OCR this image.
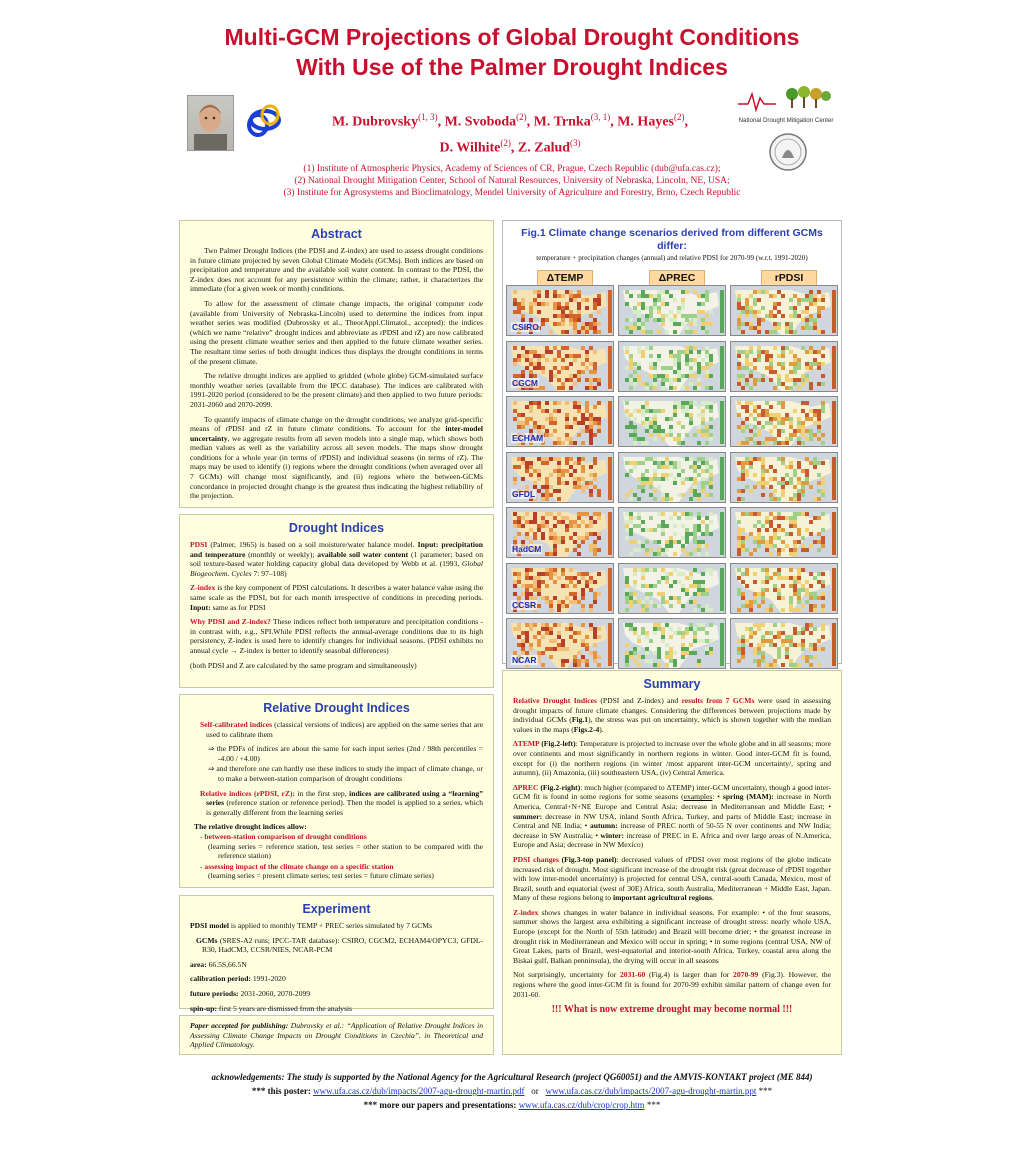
Multi-GCM Projections of Global Drought Conditions
With Use of the Palmer Drought Indices
M. Dubrovsky$^{(1, 3)}$, M. Svoboda$^{(2)}$, M. Trnka$^{(3, 1)}$, M. Hayes$^{(2)}$,
D. Wilhite$^{(2)}$, Z. Zalud$^{(3)}$
National Drought Mitigation Center
(1) Institute of Atmospheric Physics, Academy of Sciences of CR, Prague, Czech Republic (dub@ufa.cas.cz);
(2) National Drought Mitigation Center, School of Natural Resources, University of Nebraska, Lincoln, NE, USA;
(3) Institute for Agrosystems and Bioclimatology, Mendel University of Agriculture and Forestry, Brno, Czech Republic
Abstract

Two Palmer Drought Indices (the PDSI and Z-index) are used to assess drought conditions in future climate projected by seven Global Climate Models (GCMs). Both indices are based on precipitation and temperature and the available soil water content. In contrast to the PDSI, the Z-index does not account for any persistence within the climate; rather, it characterizes the immediate (for a given week or month) conditions.

To allow for the assessment of climate change impacts, the original computer code (available from University of Nebraska-Lincoln) used to determine the indices from input weather series was modified (Dubrovsky et al., TheorAppl.Climatol., accepted): the indices (which we name “relative” drought indices and abbreviate as rPDSI and rZ) are now calibrated using the present climate weather series and then applied to the future climate weather series. The resultant time series of both drought indices thus displays the drought conditions in terms of the present climate.

The relative drought indices are applied to gridded (whole globe) GCM-simulated surface monthly weather series (available from the IPCC database). The indices are calibrated with 1991-2020 period (considered to be the present climate) and then applied to two future periods: 2031-2060 and 2070-2099.

To quantify impacts of climate change on the drought conditions, we analyze grid-specific means of rPDSI and rZ in future climate conditions. To account for the inter-model uncertainty, we aggregate results from all seven models into a single map, which shows both median values as well as the variability across all seven models. The maps show drought conditions for a whole year (in terms of rPDSI) and individual seasons (in terms of rZ). The maps may be used to identify (i) regions where the drought conditions (when averaged over all 7 GCMs) will change most significantly, and (ii) regions where the between-GCMs concordance in projected drought change is the greatest thus indicating the highest reliability of the projection.

Drought Indices

PDSI (Palmer, 1965) is based on a soil moisture/water balance model. Input: precipitation and temperature (monthly or weekly); available soil water content (1 parameter; based on soil texture-based water holding capacity global data developed by Webb et al. (1993, Global Biogeochem. Cycles 7: 97–108)

Z-index is the key component of PDSI calculations. It describes a water balance value using the same scale as the PDSI, but for each month irrespective of conditions in preceding periods. Input: same as for PDSI

Why PDSI and Z-index? These indices reflect both temperature and precipitation conditions - in contrast with, e.g., SPI.While PDSI reflects the annual-average conditions due to its high persistency, Z-index is used here to identify changes for individual seasons. (PDSI exhibits no annual cycle → Z-index is better to identify seasobal differences)

(both PDSI and Z are calculated by the same program and simultaneously)

Relative Drought Indices

Self-calibrated indices (classical versions of indices) are applied on the same series that are used to calibrate them

⇒ the PDFs of indices are about the same for each input series (2nd / 98th percentiles = -4.00 / +4.00)

⇒ and therefore one can hardly use these indices to study the impact of climate change, or to make a between-station comparison of drought conditions

Relative indices (rPDSI, rZ): in the first step, indices are calibrated using a “learning” series (reference station or reference period). Then the model is applied to a series, which is generally different from the learning series

The relative drought indices allow:

- between-station comparison of drought conditions

(learning series = reference station, test series = other station to be compared with the reference station)

- assessing impact of the climate change on a specific station

(learning series = present climate series; test series = future climate series)

Experiment

PDSI model is applied to monthly TEMP + PREC series simulated by 7 GCMs

GCMs (SRES-A2 runs; IPCC-TAR database): CSIRO, CGCM2, ECHAM4/OPYC3, GFDL-R30, HadCM3, CCSR/NIES, NCAR-PCM

area: 66.5S,66.5N

calibration period: 1991-2020

future periods: 2031-2060, 2070-2099

spin-up: first 5 years are dismissed from the analysis

Paper accepted for publishing: Dubrovsky et al.: “Application of Relative Drought Indices in Assessing Climate Change Impacts on Drought Conditions in Czechia”. in Theoretical and Applied Climatology.

Fig.1 Climate change scenarios derived from different GCMs differ:
temperature + precipitation changes (annual) and relative PDSI for 2070-99 (w.r.t. 1991-2020)
ΔTEMP	ΔPREC	rPDSI
CSIRO
CGCM
ECHAM
GFDL
HadCM
CCSR
NCAR
Summary

Relative Drought Indices (PDSI and Z-index) and results from 7 GCMs were used in assessing drought impacts of future climate changes. Considering the differences between projections made by individual GCMs (Fig.1), the stress was put on uncertainty, which is shown together with the median values in the maps (Figs.2-4).

ΔTEMP (Fig.2-left): Temperature is projected to increase over the whole globe and in all seasons; more over continents and most significantly in northern regions in winter. Good inter-GCM fit is found, except for (i) the northern regions (in winter /most apparent inter-GCM uncertainty/, spring and autumn), (ii) Amazonia, (iii) southeastern USA, (iv) Central America.

ΔPREC (Fig.2-right): much higher (compared to ΔTEMP) inter-GCM uncertainty, though a good inter-GCM fit is found in some regions for some seasons (examples: • spring (MAM): increase in North America, Central+N+NE Europe and Central Asia; decrease in Mediterranean and Middle East; • summer: decrease in NW USA, inland South Africa, Turkey, and parts of Middle East; increase in Central and NE India; • autumn: increase of PREC north of 50-55 N over continents and NW India; decrease in SW Australia; • winter: increase of PREC in E. Africa and over large areas of N.America, Europe and Asia; decrease in NW Mexico)

PDSI changes (Fig.3-top panel): decreased values of rPDSI over most regions of the globe indicate increased risk of drought. Most significant increase of the drought risk (great decrease of rPDSI together with low inter-model uncertainty) is projected for central USA, central-south Canada, Mexico, most of Brazil, south and equatorial (west of 30E) Africa, south Australia, Mediterranean + Middle East, Japan. Many of these regions belong to important agricultural regions.

Z-index shows changes in water balance in individual seasons. For example: • of the four seasons, summer shows the largest area exhibiting a significant increase of drought stress: nearly whole USA, Europe (except for the North of 55th latitude) and Brazil will become drier; • the greatest increase in drought risk in Mediterranean and Mexico will occur in spring; • in some regions (central USA, NW of Great Lakes, parts of Brazil, west-equatorial and interior-south Africa, Turkey, coastal area along the Biskai gulf, Balkan penninsula), the drying will occur in all seasons

Not surprisingly, uncertainty for 2031-60 (Fig.4) is larger than for 2070-99 (Fig.3). However, the regions where the good inter-GCM fit is found for 2070-99 exhibit similar pattern of change even for 2031-60.

!!! What is now extreme drought may become normal !!!
acknowledgements: The study is supported by the National Agency for the Agricultural Research (project QG60051) and the AMVIS-KONTAKT project (ME 844)
*** this poster: www.ufa.cas.cz/dub/impacts/2007-agu-drought-martin.pdf   or   www.ufa.cas.cz/dub/impacts/2007-agu-drought-martin.ppt ***
*** more our papers and presentations: www.ufa.cas.cz/dub/crop/crop.htm ***
